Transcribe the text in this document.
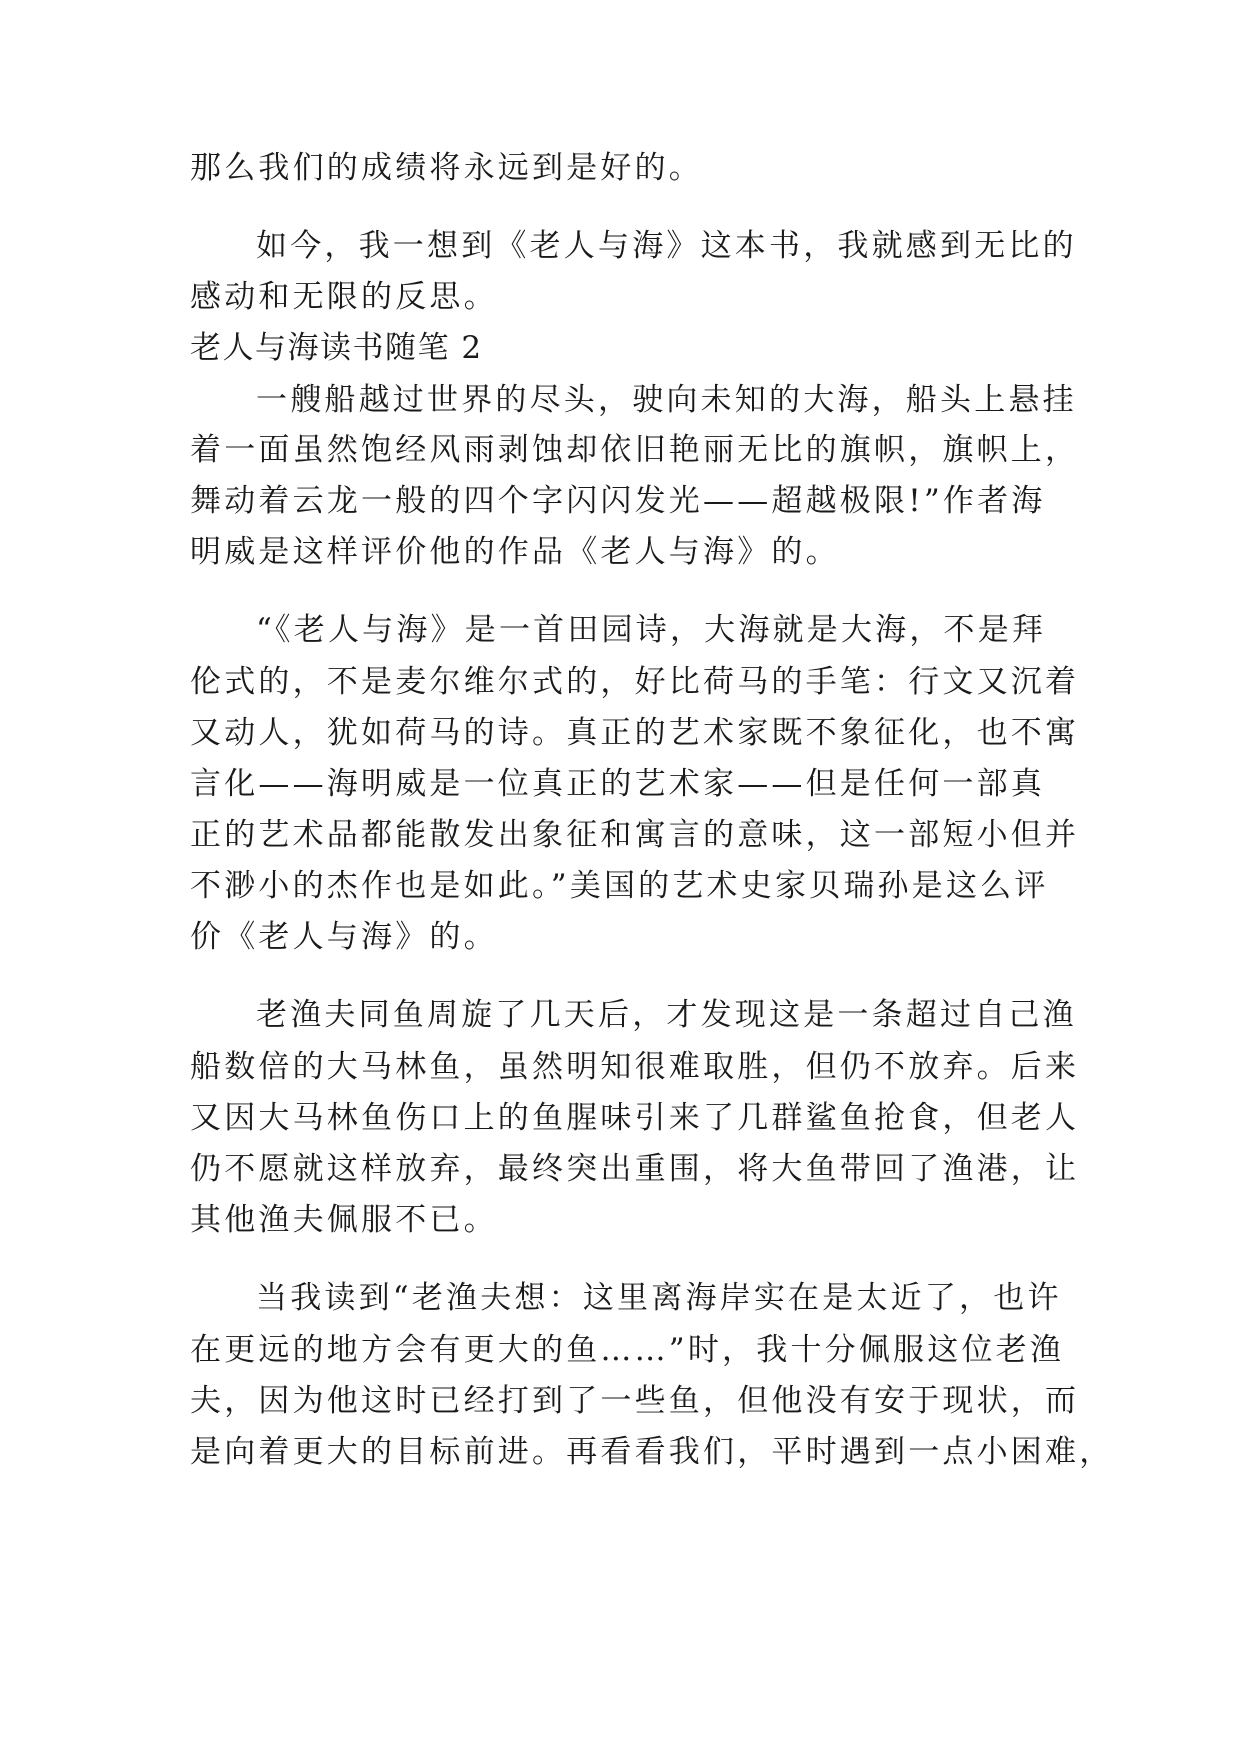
那么我们的成绩将永远到是好的。
如今，我一想到《老人与海》这本书，我就感到无比的
感动和无限的反思。
老人与海读书随笔 2
一艘船越过世界的尽头，驶向未知的大海，船头上悬挂
着一面虽然饱经风雨剥蚀却依旧艳丽无比的旗帜，旗帜上，
舞动着云龙一般的四个字闪闪发光——超越极限!”作者海
明威是这样评价他的作品《老人与海》的。
“《老人与海》是一首田园诗，大海就是大海，不是拜
伦式的，不是麦尔维尔式的，好比荷马的手笔：行文又沉着
又动人，犹如荷马的诗。真正的艺术家既不象征化，也不寓
言化——海明威是一位真正的艺术家——但是任何一部真
正的艺术品都能散发出象征和寓言的意味，这一部短小但并
不渺小的杰作也是如此。”美国的艺术史家贝瑞孙是这么评
价《老人与海》的。
老渔夫同鱼周旋了几天后，才发现这是一条超过自己渔
船数倍的大马林鱼，虽然明知很难取胜，但仍不放弃。后来
又因大马林鱼伤口上的鱼腥味引来了几群鲨鱼抢食，但老人
仍不愿就这样放弃，最终突出重围，将大鱼带回了渔港，让
其他渔夫佩服不已。
当我读到“老渔夫想：这里离海岸实在是太近了，也许
在更远的地方会有更大的鱼……”时，我十分佩服这位老渔
夫，因为他这时已经打到了一些鱼，但他没有安于现状，而
是向着更大的目标前进。再看看我们，平时遇到一点小困难，
